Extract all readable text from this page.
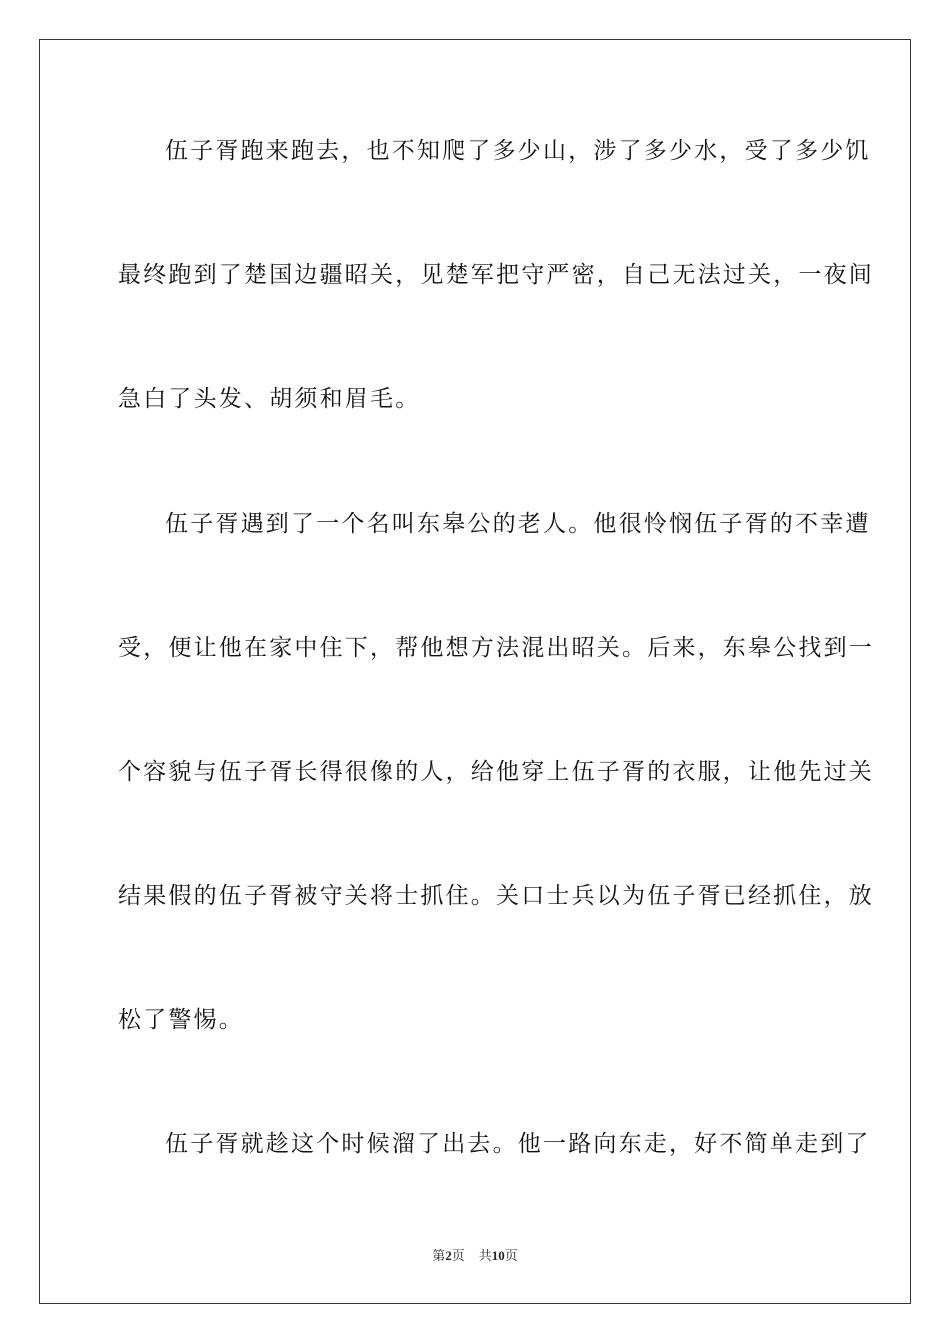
伍子胥跑来跑去，也不知爬了多少山，涉了多少水，受了多少饥
最终跑到了楚国边疆昭关，见楚军把守严密，自己无法过关，一夜间
急白了头发、胡须和眉毛。
伍子胥遇到了一个名叫东皋公的老人。他很怜悯伍子胥的不幸遭
受，便让他在家中住下，帮他想方法混出昭关。后来，东皋公找到一
个容貌与伍子胥长得很像的人，给他穿上伍子胥的衣服，让他先过关
结果假的伍子胥被守关将士抓住。关口士兵以为伍子胥已经抓住，放
松了警惕。
伍子胥就趁这个时候溜了出去。他一路向东走，好不简单走到了
第2页 共10页
